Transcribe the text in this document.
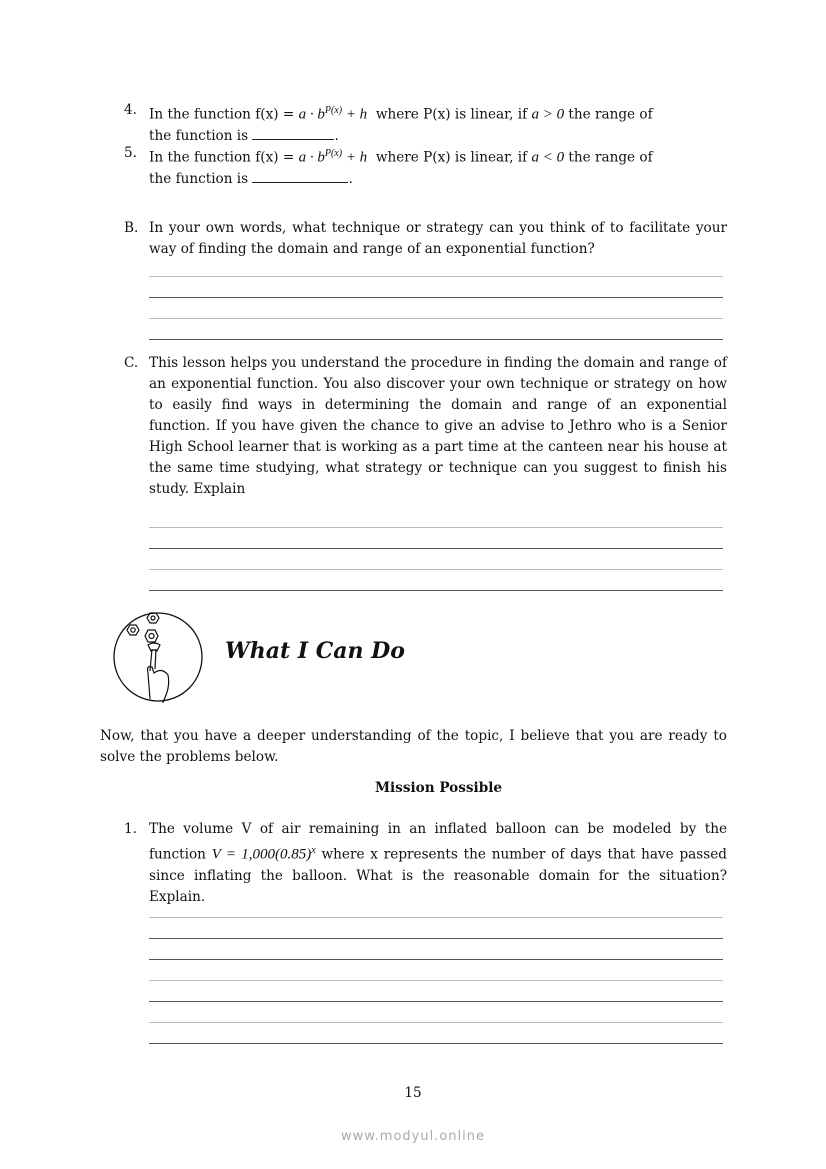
4. In the function $f(x) = a \cdot b^{P(x)} + h$  where P(x) is linear, if a > 0 the range of
the function is	.
5. In the function $f(x) = a \cdot b^{P(x)} + h$  where P(x) is linear, if a < 0 the range of
the function is	.
B. In your own words, what technique or strategy can you think of to facilitate your way of finding the domain and range of an exponential function?
C. This lesson helps you understand the procedure in finding the domain and range of an exponential function. You also discover your own technique or strategy on how to easily find ways in determining the domain and range of an exponential function. If you have given the chance to give an advise to Jethro who is a Senior High School learner that is working as a part time at the canteen near his house at the same time studying, what strategy or technique can you suggest to finish his study. Explain
What I Can Do
Now, that you have a deeper understanding of the topic, I believe that you are ready to solve the problems below.
Mission Possible
1. The volume V of air remaining in an inflated balloon can be modeled by the function $V = 1,000(0.85)^x$ where x represents the number of days that have passed since inflating the balloon. What is the reasonable domain for the situation? Explain.
15
www.modyul.online
